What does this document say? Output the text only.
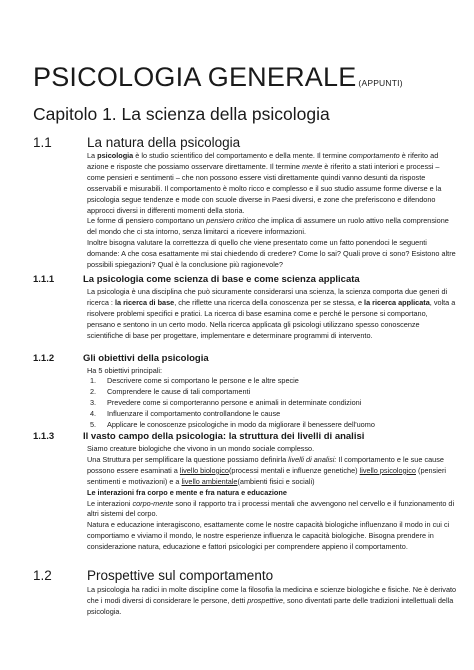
PSICOLOGIA GENERALE (APPUNTI)
Capitolo 1. La scienza della psicologia
1.1	La natura della psicologia

La psicologia è lo studio scientifico del comportamento e della mente. Il termine comportamento è riferito ad azione e risposte che possiamo osservare direttamente. Il termine mente è riferito a stati interiori e processi – come pensieri e sentimenti – che non possono essere visti direttamente quindi vanno desunti da risposte osservabili e misurabili. Il comportamento è molto ricco e complesso e il suo studio assume forme diverse e la psicologia segue tendenze e mode con scuole diverse in Paesi diversi, e zone che preferiscono e difendono approcci diversi in differenti momenti della storia.

Le forme di pensiero comportano un pensiero critico che implica di assumere un ruolo attivo nella comprensione del mondo che ci sta intorno, senza limitarci a ricevere informazioni.

Inoltre bisogna valutare la correttezza di quello che viene presentato come un fatto ponendoci le seguenti domande: A che cosa esattamente mi stai chiedendo di credere? Come lo sai? Quali prove ci sono? Esistono altre possibili spiegazioni? Qual è la conclusione più ragionevole?

1.1.1	La psicologia come scienza di base e come scienza applicata

La psicologia è una disciplina che può sicuramente considerarsi una scienza, la scienza comporta due generi di ricerca : la ricerca di base, che riflette una ricerca della conoscenza per se stessa, e la ricerca applicata, volta a risolvere problemi specifici e pratici. La ricerca di base esamina come e perché le persone si comportano, pensano e sentono in un certo modo. Nella ricerca applicata gli psicologi utilizzano spesso conoscenze scientifiche di base per progettare, implementare e determinare programmi di intervento.

1.1.2	Gli obiettivi della psicologia
Ha 5 obiettivi principali:
1. Descrivere come si comportano le persone e le altre specie
2. Comprendere le cause di tali comportamenti
3. Prevedere come si comporteranno persone e animali in determinate condizioni
4. Influenzare il comportamento controllandone le cause
5. Applicare le conoscenze psicologiche in modo da migliorare il benessere dell'uomo
1.1.3	Il vasto campo della psicologia: la struttura dei livelli di analisi

Siamo creature biologiche che vivono in un mondo sociale complesso.

Una Struttura per semplificare la questione possiamo definirla livelli di analisi: Il comportamento e le sue cause possono essere esaminati a livello biologico(processi mentali e influenze genetiche) livello psicologico (pensieri sentimenti e motivazioni) e a livello ambientale(ambienti fisici e sociali)

Le interazioni fra corpo e mente e fra natura e educazione

Le interazioni corpo-mente sono il rapporto tra i processi mentali che avvengono nel cervello e il funzionamento di altri sistemi del corpo.

Natura e educazione interagiscono, esattamente come le nostre capacità biologiche influenzano il modo in cui ci comportiamo e viviamo il mondo, le nostre esperienze influenza le capacità biologiche. Bisogna prendere in considerazione natura, educazione e fattori psicologici per comprendere appieno il comportamento.

1.2	Prospettive sul comportamento

La psicologia ha radici in molte discipline come la filosofia la medicina e scienze biologiche e fisiche. Ne è derivato che i modi diversi di considerare le persone, detti prospettive, sono diventati parte delle tradizioni intellettuali della psicologia.
